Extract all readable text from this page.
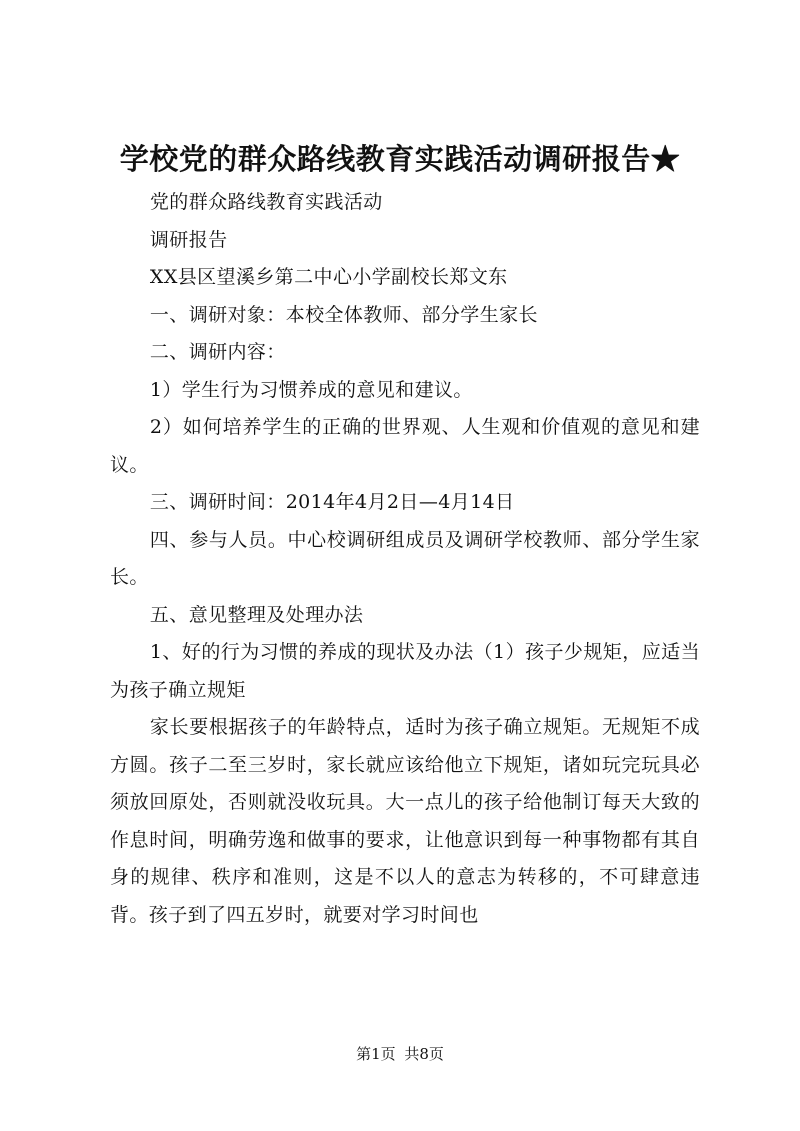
学校党的群众路线教育实践活动调研报告★

党的群众路线教育实践活动

调研报告

XX县区望溪乡第二中心小学副校长郑文东

一、调研对象：本校全体教师、部分学生家长

二、调研内容：

1）学生行为习惯养成的意见和建议。

2）如何培养学生的正确的世界观、人生观和价值观的意见和建议。

三、调研时间：2014年4月2日—4月14日

四、参与人员。中心校调研组成员及调研学校教师、部分学生家长。

五、意见整理及处理办法

1、好的行为习惯的养成的现状及办法（1）孩子少规矩，应适当为孩子确立规矩

家长要根据孩子的年龄特点，适时为孩子确立规矩。无规矩不成方圆。孩子二至三岁时，家长就应该给他立下规矩，诸如玩完玩具必须放回原处，否则就没收玩具。大一点儿的孩子给他制订每天大致的作息时间，明确劳逸和做事的要求，让他意识到每一种事物都有其自身的规律、秩序和准则，这是不以人的意志为转移的，不可肆意违背。孩子到了四五岁时，就要对学习时间也

第1页 共8页
